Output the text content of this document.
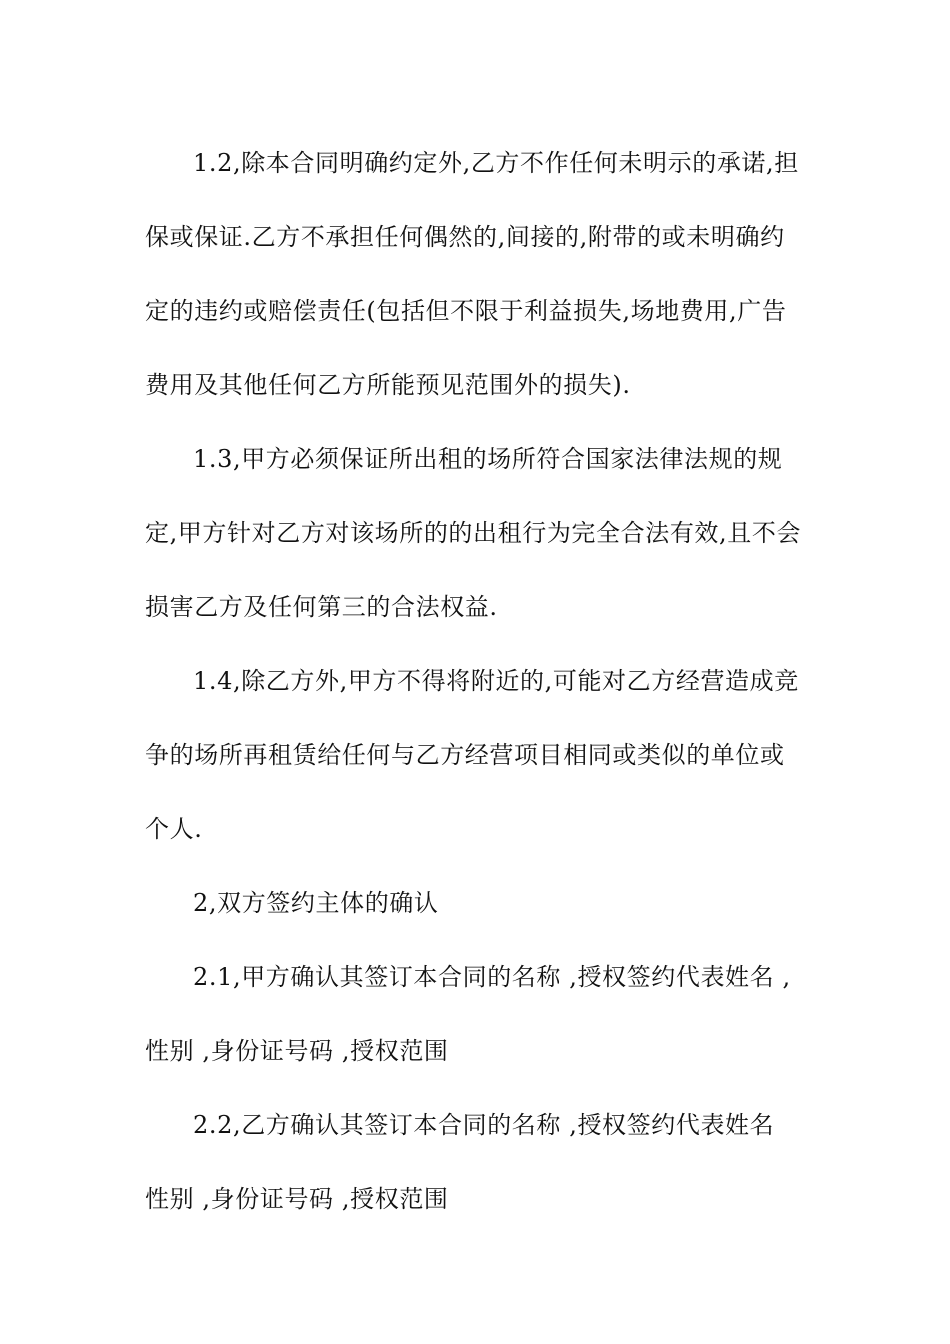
1.2,除本合同明确约定外,乙方不作任何未明示的承诺,担保或保证.乙方不承担任何偶然的,间接的,附带的或未明确约定的违约或赔偿责任(包括但不限于利益损失,场地费用,广告费用及其他任何乙方所能预见范围外的损失).

1.3,甲方必须保证所出租的场所符合国家法律法规的规定,甲方针对乙方对该场所的的出租行为完全合法有效,且不会损害乙方及任何第三的合法权益.

1.4,除乙方外,甲方不得将附近的,可能对乙方经营造成竞争的场所再租赁给任何与乙方经营项目相同或类似的单位或个人.

2,双方签约主体的确认

2.1,甲方确认其签订本合同的名称 ,授权签约代表姓名 ,性别 ,身份证号码 ,授权范围

2.2,乙方确认其签订本合同的名称 ,授权签约代表姓名 性别 ,身份证号码 ,授权范围
